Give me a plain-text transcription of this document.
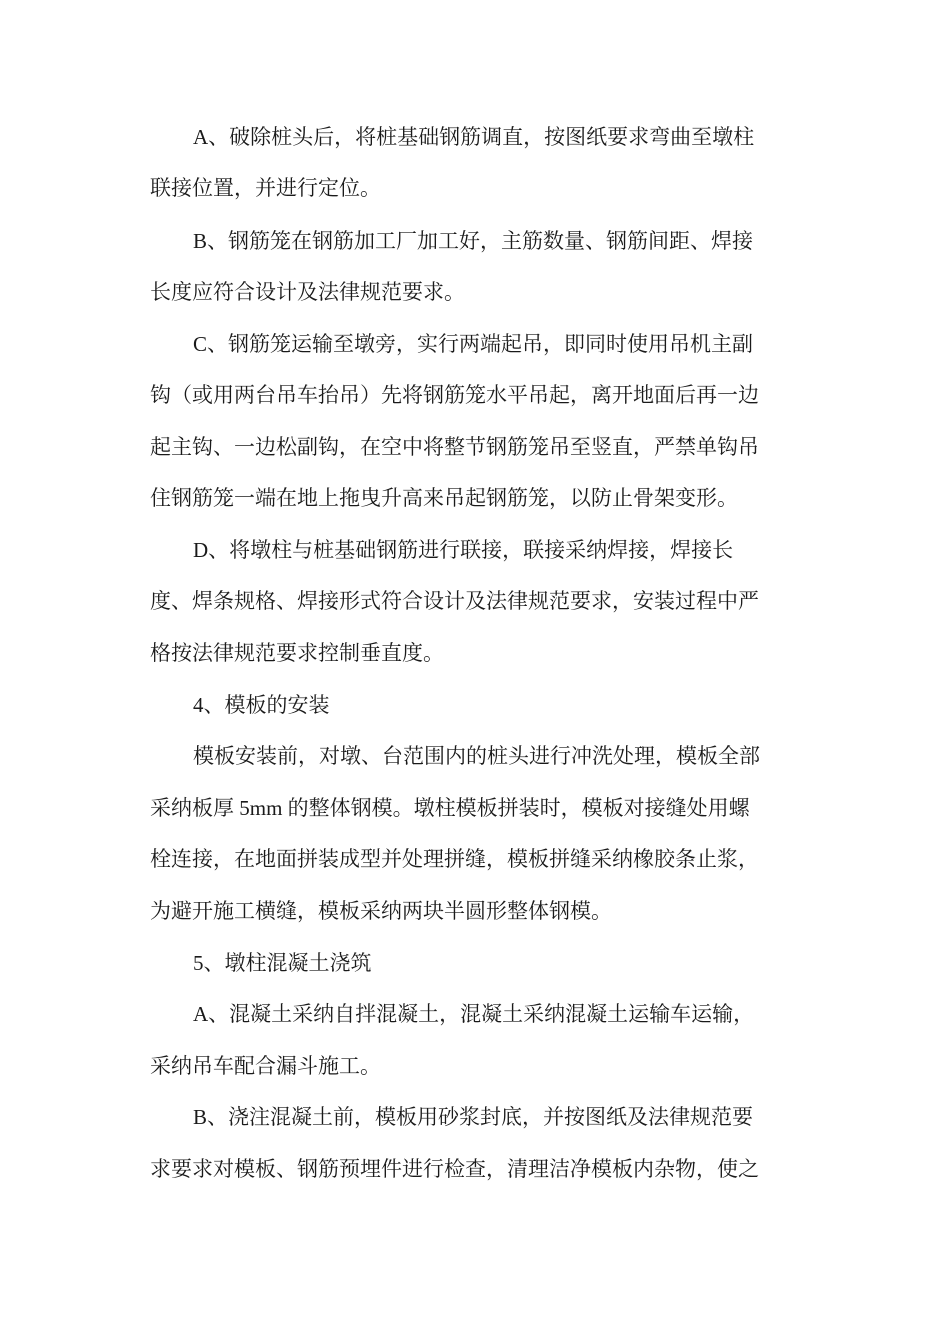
A、破除桩头后，将桩基础钢筋调直，按图纸要求弯曲至墩柱
联接位置，并进行定位。
B、钢筋笼在钢筋加工厂加工好，主筋数量、钢筋间距、焊接
长度应符合设计及法律规范要求。
C、钢筋笼运输至墩旁，实行两端起吊，即同时使用吊机主副
钩（或用两台吊车抬吊）先将钢筋笼水平吊起，离开地面后再一边
起主钩、一边松副钩，在空中将整节钢筋笼吊至竖直，严禁单钩吊
住钢筋笼一端在地上拖曳升高来吊起钢筋笼，以防止骨架变形。
D、将墩柱与桩基础钢筋进行联接，联接采纳焊接，焊接长
度、焊条规格、焊接形式符合设计及法律规范要求，安装过程中严
格按法律规范要求控制垂直度。
4、模板的安装
模板安装前，对墩、台范围内的桩头进行冲洗处理，模板全部
采纳板厚 5mm 的整体钢模。墩柱模板拼装时，模板对接缝处用螺
栓连接，在地面拼装成型并处理拼缝，模板拼缝采纳橡胶条止浆，
为避开施工横缝，模板采纳两块半圆形整体钢模。
5、墩柱混凝土浇筑
A、混凝土采纳自拌混凝土，混凝土采纳混凝土运输车运输，
采纳吊车配合漏斗施工。
B、浇注混凝土前，模板用砂浆封底，并按图纸及法律规范要
求要求对模板、钢筋预埋件进行检查，清理洁净模板内杂物，使之
